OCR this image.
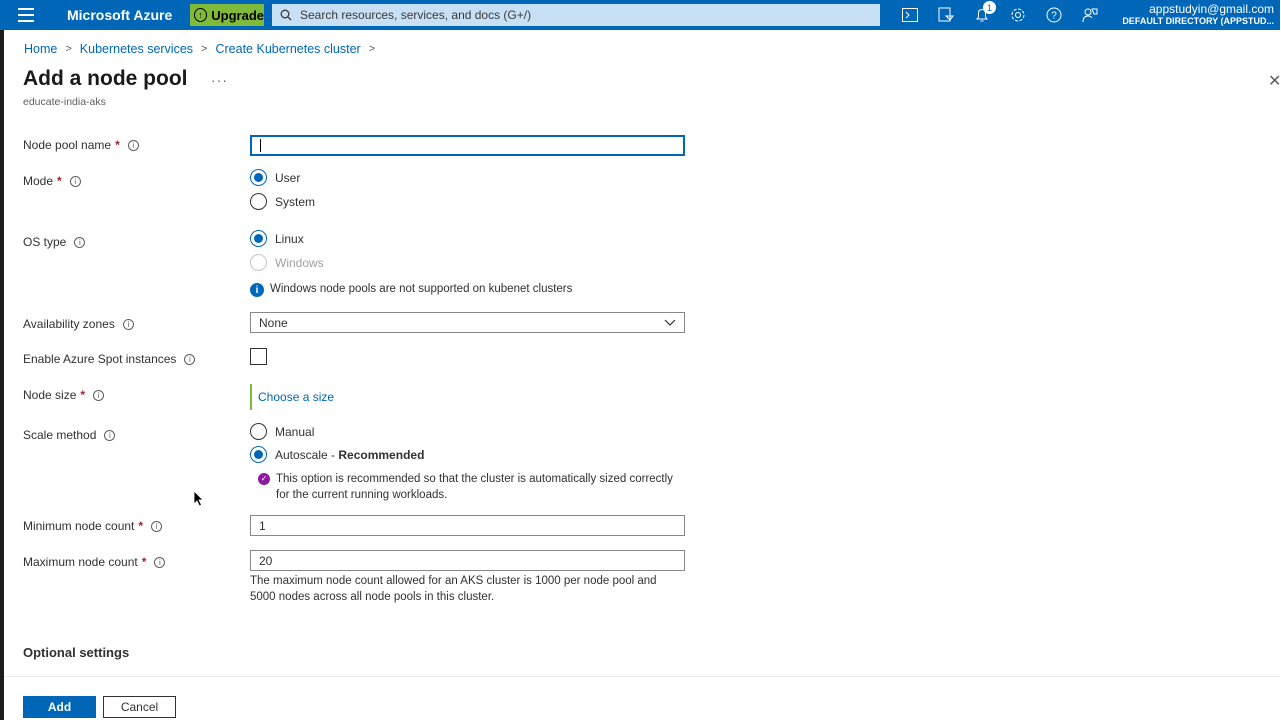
Microsoft Azure	↑ Upgrade	Search resources, services, and docs (G+/)
1
?	appstudyin@gmail.com
DEFAULT DIRECTORY (APPSTUD...
Home > Kubernetes services > Create Kubernetes cluster >
Add a node pool ···
educate-india-aks
✕
Node pool name *	i
Mode *	i	User
System
OS type	i	Linux
Windows
i	Windows node pools are not supported on kubenet clusters
Availability zones	i	None
Enable Azure Spot instances	i
Node size *	i	Choose a size
Scale method	i	Manual
Autoscale - Recommended
✓ This option is recommended so that the cluster is automatically sized correctly
for the current running workloads.
Minimum node count *	i	1
Maximum node count *	i	20
The maximum node count allowed for an AKS cluster is 1000 per node pool and
5000 nodes across all node pools in this cluster.
Optional settings
Add	Cancel
